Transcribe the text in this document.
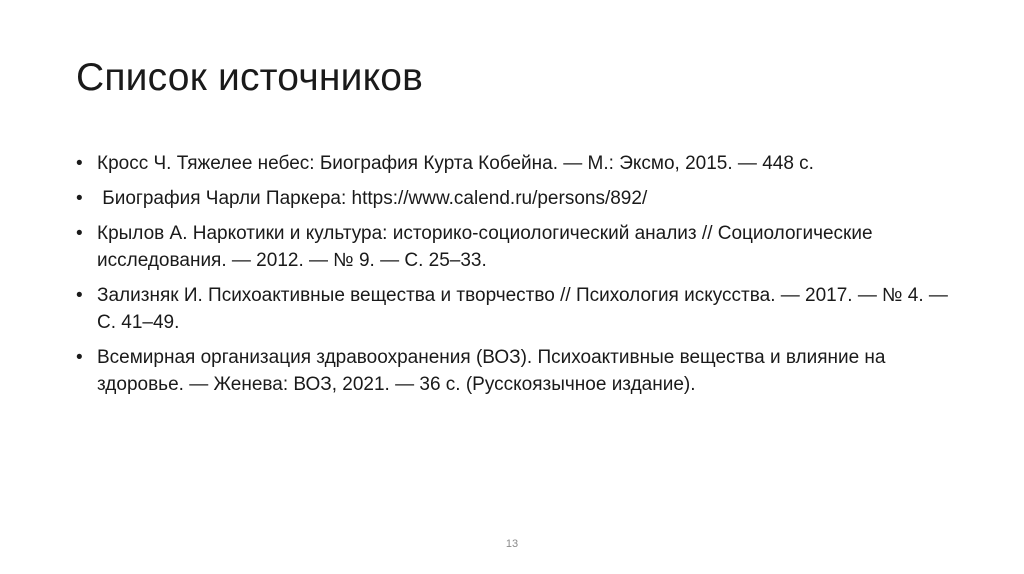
Список источников
• Кросс Ч. Тяжелее небес: Биография Курта Кобейна. — М.: Эксмо, 2015. — 448 с.
• Биография Чарли Паркера: https://www.calend.ru/persons/892/
• Крылов А. Наркотики и культура: историко-социологический анализ // Социологические исследования. — 2012. — № 9. — С. 25–33.
• Зализняк И. Психоактивные вещества и творчество // Психология искусства. — 2017. — № 4. — С. 41–49.
• Всемирная организация здравоохранения (ВОЗ). Психоактивные вещества и влияние на здоровье. — Женева: ВОЗ, 2021. — 36 с. (Русскоязычное издание).
13
